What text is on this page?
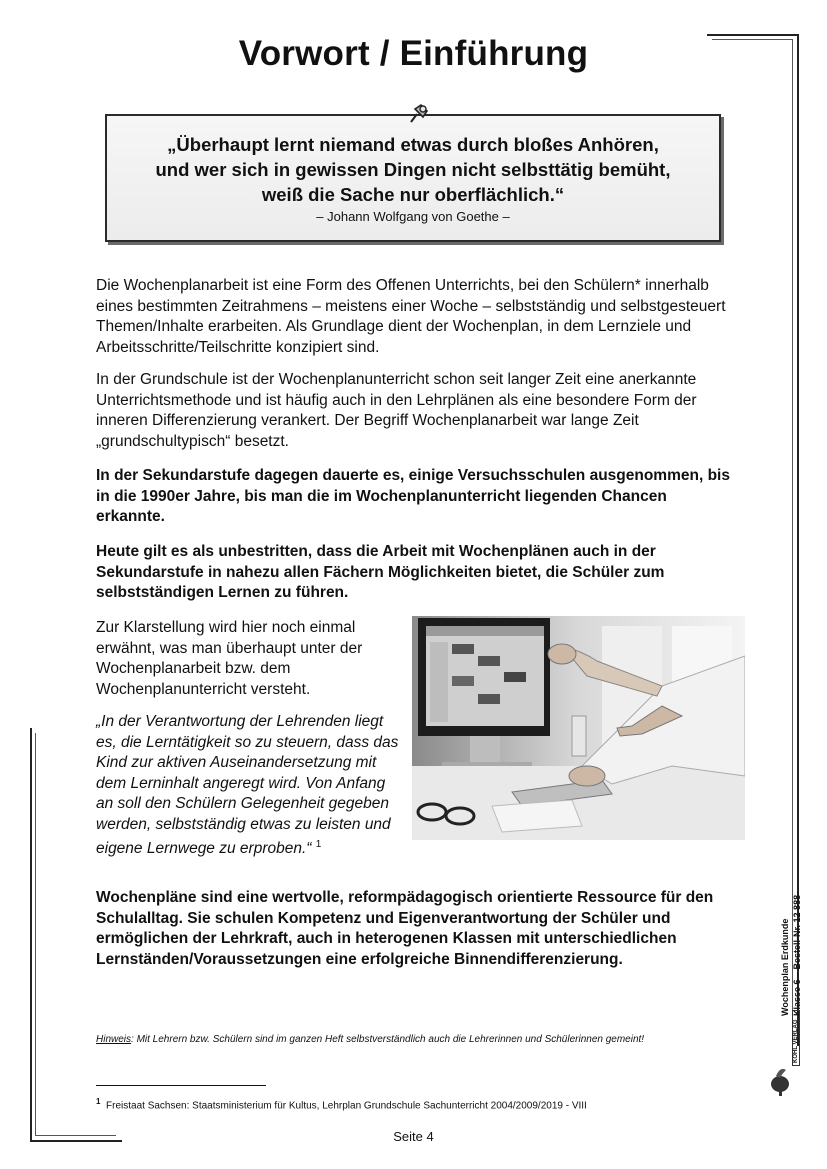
Vorwort / Einführung
„Überhaupt lernt niemand etwas durch bloßes Anhören,
und wer sich in gewissen Dingen nicht selbsttätig bemüht,
weiß die Sache nur oberflächlich.“
– Johann Wolfgang von Goethe –

Die Wochenplanarbeit ist eine Form des Offenen Unterrichts, bei den Schülern* innerhalb eines bestimmten Zeitrahmens – meistens einer Woche – selbstständig und selbstgesteuert Themen/Inhalte erarbeiten. Als Grundlage dient der Wochenplan, in dem Lernziele und Arbeitsschritte/Teilschritte konzipiert sind.

In der Grundschule ist der Wochenplanunterricht schon seit langer Zeit eine anerkannte Unterrichtsmethode und ist häufig auch in den Lehrplänen als eine besondere Form der inneren Differenzierung verankert. Der Begriff Wochenplanarbeit war lange Zeit „grundschultypisch“ besetzt.

In der Sekundarstufe dagegen dauerte es, einige Versuchsschulen ausgenommen, bis in die 1990er Jahre, bis man die im Wochenplanunterricht liegenden Chancen erkannte.

Heute gilt es als unbestritten, dass die Arbeit mit Wochenplänen auch in der Sekundarstufe in nahezu allen Fächern Möglichkeiten bietet, die Schüler zum selbstständigen Lernen zu führen.

Zur Klarstellung wird hier noch einmal erwähnt, was man überhaupt unter der Wochenplanarbeit bzw. dem Wochenplanunterricht versteht.

„In der Verantwortung der Lehrenden liegt es, die Lerntätigkeit so zu steuern, dass das Kind zur aktiven Auseinandersetzung mit dem Lerninhalt angeregt wird. Von Anfang an soll den Schülern Gelegenheit gegeben werden, selbstständig etwas zu leisten und eigene Lernwege zu erproben.“ $^1$

Wochenpläne sind eine wertvolle, reformpädagogisch orientierte Ressource für den Schulalltag. Sie schulen Kompetenz und Eigenverantwortung der Schüler und ermöglichen der Lehrkraft, auch in heterogenen Klassen mit unterschiedlichen Lernständen/Voraussetzungen eine erfolgreiche Binnendifferenzierung.

Hinweis: Mit Lehrern bzw. Schülern sind im ganzen Heft selbstverständlich auch die Lehrerinnen und Schülerinnen gemeint!
$^1$ Freistaat Sachsen: Staatsministerium für Kultus, Lehrplan Grundschule Sachunterricht 2004/2009/2019 - VIII
Seite 4
Wochenplan Erdkunde Klasse 6 – Bestell-Nr. 12 888
KOHL VERLAG
